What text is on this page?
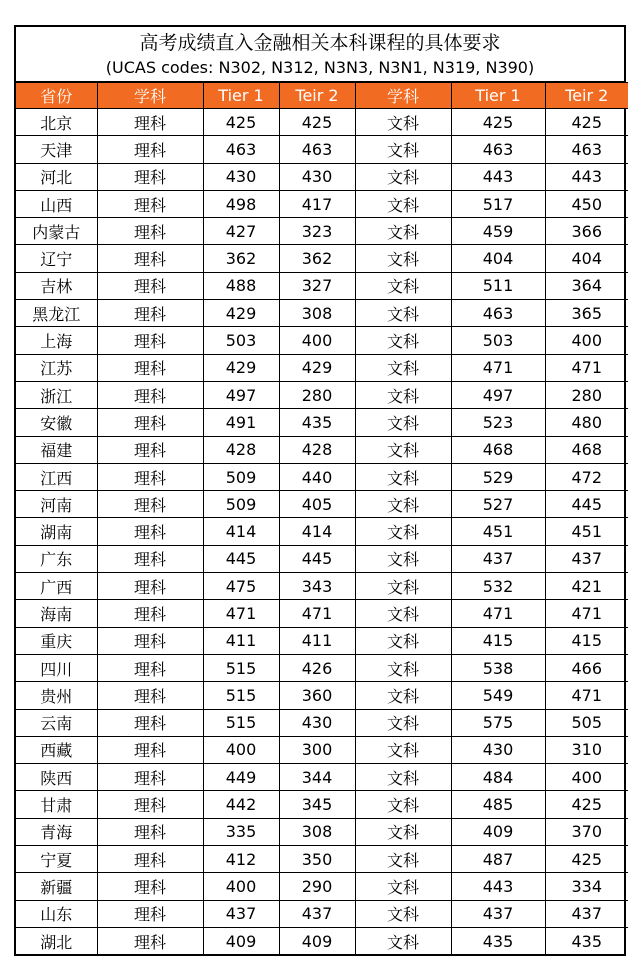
高考成绩直入金融相关本科课程的具体要求
(UCAS codes: N302, N312, N3N3, N3N1, N319, N390)
省份	学科	Tier 1	Teir 2	学科	Tier 1	Teir 2
北京	理科	425	425	文科	425	425
天津	理科	463	463	文科	463	463
河北	理科	430	430	文科	443	443
山西	理科	498	417	文科	517	450
内蒙古	理科	427	323	文科	459	366
辽宁	理科	362	362	文科	404	404
吉林	理科	488	327	文科	511	364
黑龙江	理科	429	308	文科	463	365
上海	理科	503	400	文科	503	400
江苏	理科	429	429	文科	471	471
浙江	理科	497	280	文科	497	280
安徽	理科	491	435	文科	523	480
福建	理科	428	428	文科	468	468
江西	理科	509	440	文科	529	472
河南	理科	509	405	文科	527	445
湖南	理科	414	414	文科	451	451
广东	理科	445	445	文科	437	437
广西	理科	475	343	文科	532	421
海南	理科	471	471	文科	471	471
重庆	理科	411	411	文科	415	415
四川	理科	515	426	文科	538	466
贵州	理科	515	360	文科	549	471
云南	理科	515	430	文科	575	505
西藏	理科	400	300	文科	430	310
陕西	理科	449	344	文科	484	400
甘肃	理科	442	345	文科	485	425
青海	理科	335	308	文科	409	370
宁夏	理科	412	350	文科	487	425
新疆	理科	400	290	文科	443	334
山东	理科	437	437	文科	437	437
湖北	理科	409	409	文科	435	435
